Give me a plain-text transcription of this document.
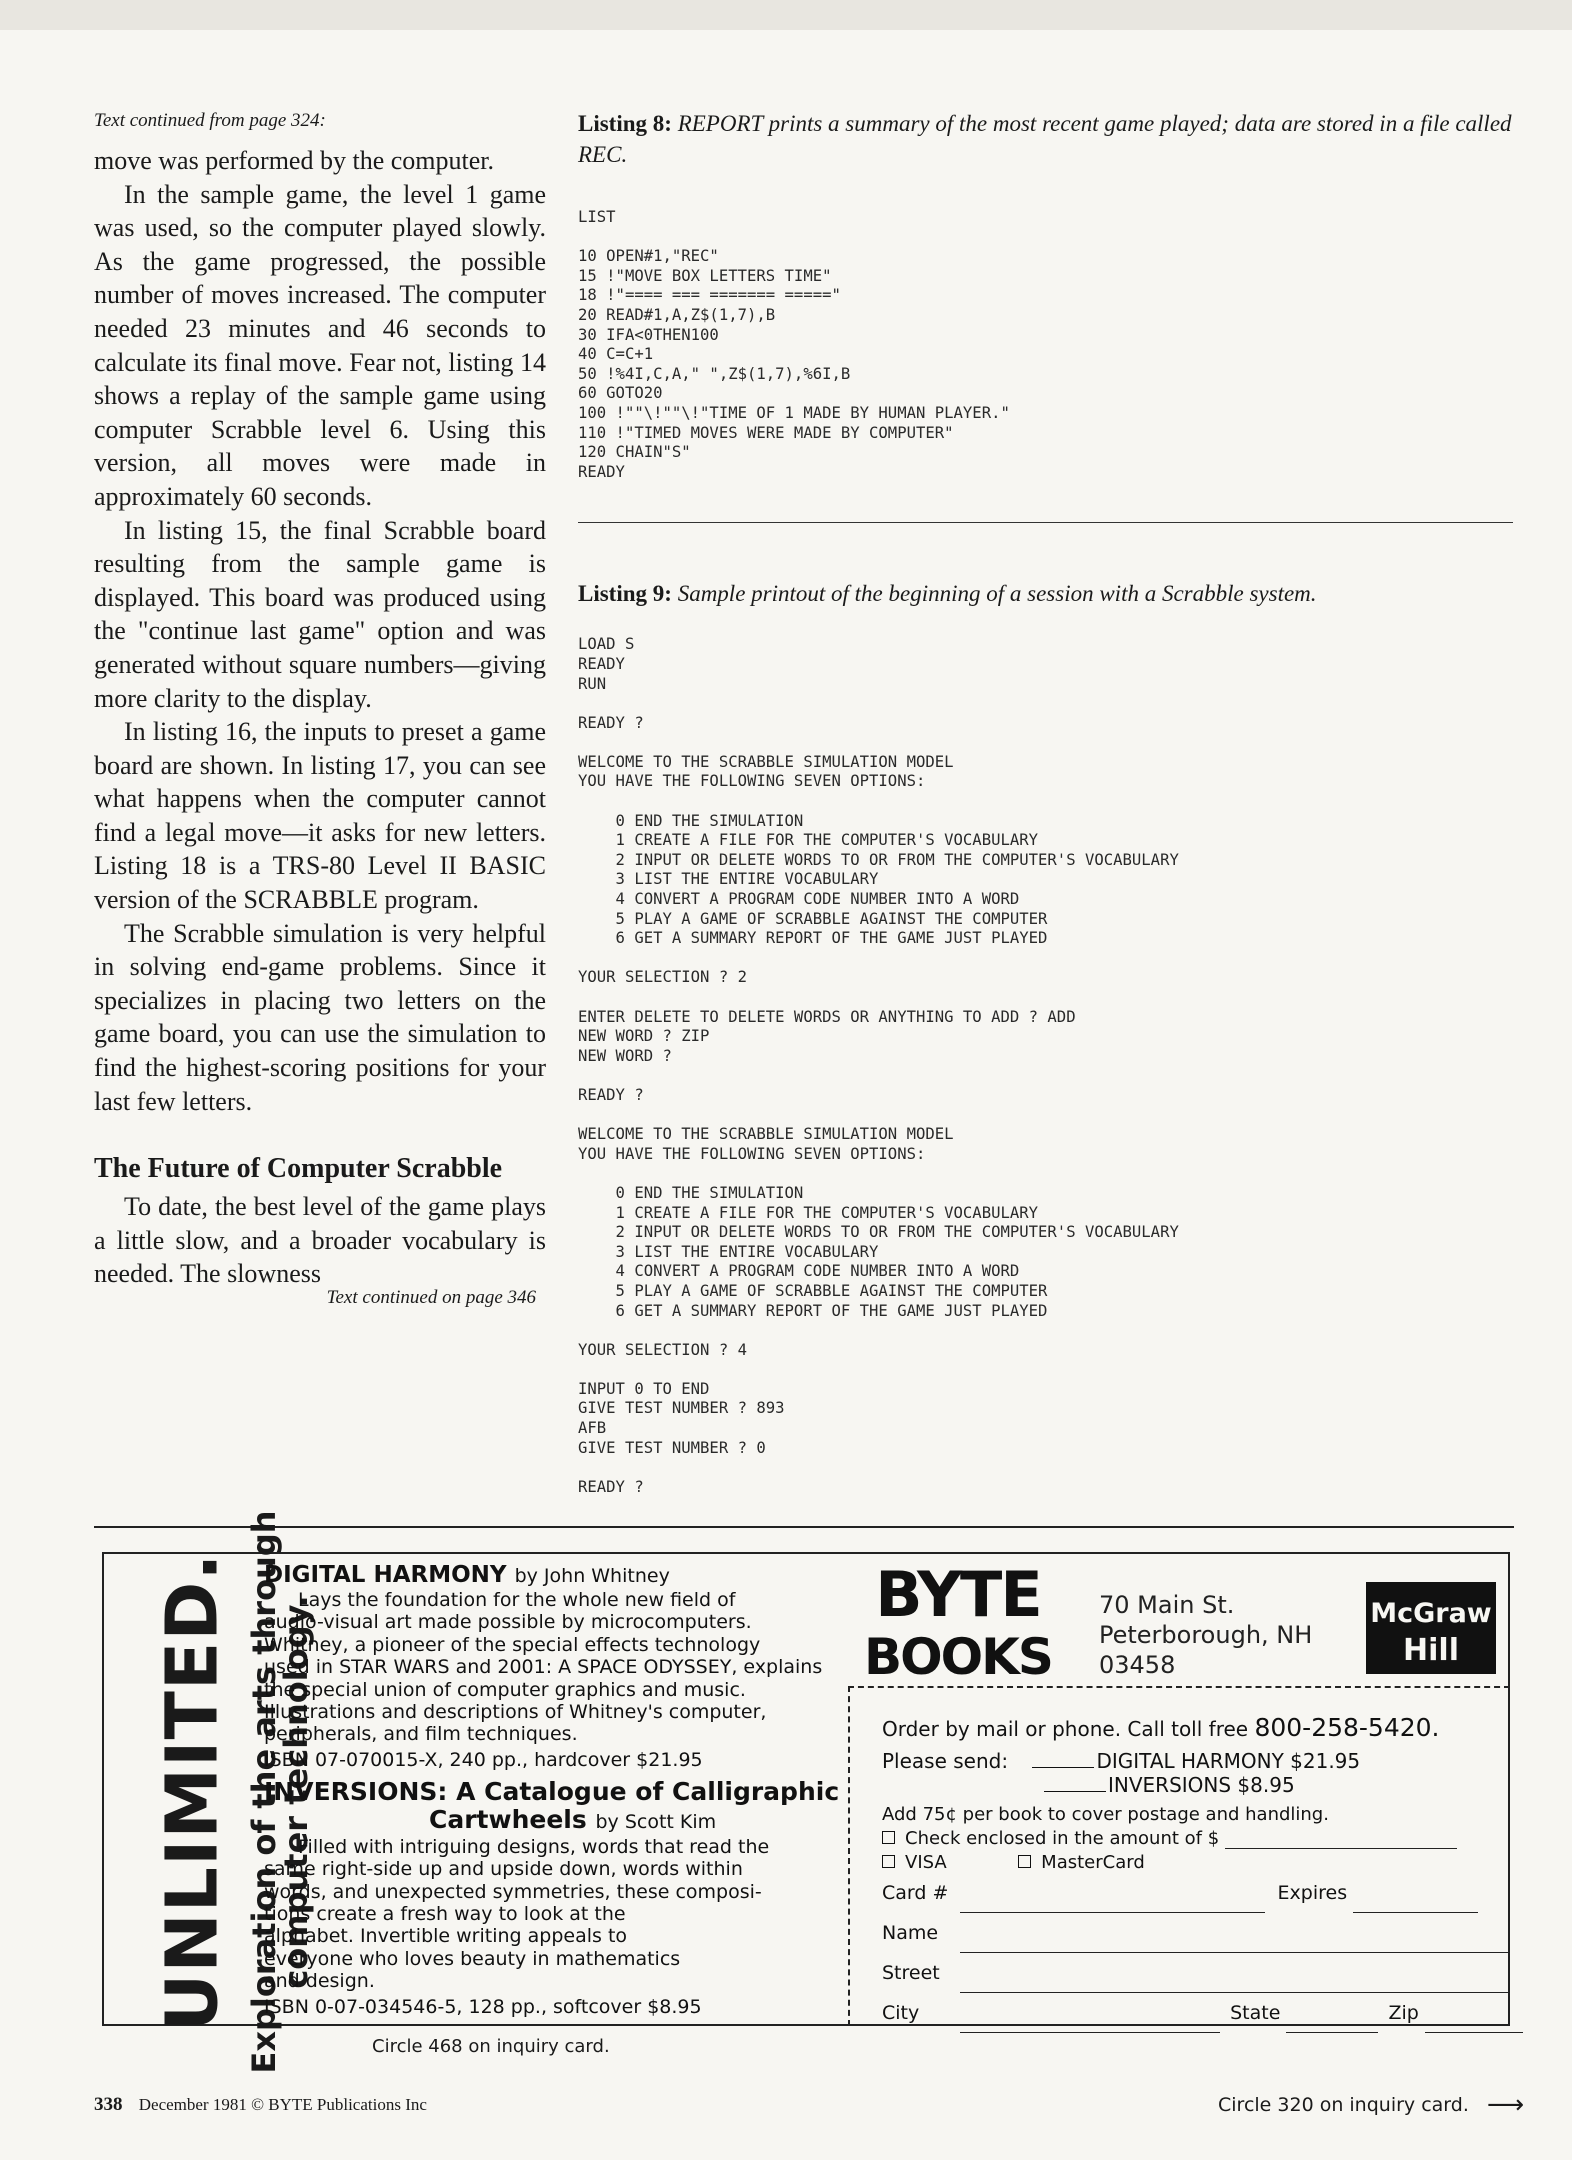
Text continued from page 324:

move was performed by the computer.

In the sample game, the level 1 game was used, so the computer played slowly. As the game progressed, the possible number of moves increased. The computer needed 23 minutes and 46 seconds to calculate its final move. Fear not, listing 14 shows a replay of the sample game using computer Scrabble level 6. Using this version, all moves were made in approximately 60 seconds.

In listing 15, the final Scrabble board resulting from the sample game is displayed. This board was produced using the "continue last game" option and was generated without square numbers—giving more clarity to the display.

In listing 16, the inputs to preset a game board are shown. In listing 17, you can see what happens when the computer cannot find a legal move—it asks for new letters. Listing 18 is a TRS-80 Level II BASIC version of the SCRABBLE program.

The Scrabble simulation is very helpful in solving end-game problems. Since it specializes in placing two letters on the game board, you can use the simulation to find the highest-scoring positions for your last few letters.

The Future of Computer Scrabble

To date, the best level of the game plays a little slow, and a broader vocabulary is needed. The slowness

Text continued on page 346

Listing 8: REPORT prints a summary of the most recent game played; data are stored in a file called REC.

LIST

10 OPEN#1,"REC"
15 !"MOVE BOX LETTERS TIME"
18 !"==== === ======= ====="
20 READ#1,A,Z$(1,7),B
30 IFA<0THEN100
40 C=C+1
50 !%4I,C,A," ",Z$(1,7),%6I,B
60 GOTO20
100 !""\!""\!"TIME OF 1 MADE BY HUMAN PLAYER."
110 !"TIMED MOVES WERE MADE BY COMPUTER"
120 CHAIN"S"
READY

Listing 9: Sample printout of the beginning of a session with a Scrabble system.

LOAD S
READY
RUN

READY ?

WELCOME TO THE SCRABBLE SIMULATION MODEL
YOU HAVE THE FOLLOWING SEVEN OPTIONS:

0 END THE SIMULATION
1 CREATE A FILE FOR THE COMPUTER'S VOCABULARY
2 INPUT OR DELETE WORDS TO OR FROM THE COMPUTER'S VOCABULARY
3 LIST THE ENTIRE VOCABULARY
4 CONVERT A PROGRAM CODE NUMBER INTO A WORD
5 PLAY A GAME OF SCRABBLE AGAINST THE COMPUTER
6 GET A SUMMARY REPORT OF THE GAME JUST PLAYED

YOUR SELECTION ? 2

ENTER DELETE TO DELETE WORDS OR ANYTHING TO ADD ? ADD
NEW WORD ? ZIP
NEW WORD ?

READY ?

WELCOME TO THE SCRABBLE SIMULATION MODEL
YOU HAVE THE FOLLOWING SEVEN OPTIONS:

0 END THE SIMULATION
1 CREATE A FILE FOR THE COMPUTER'S VOCABULARY
2 INPUT OR DELETE WORDS TO OR FROM THE COMPUTER'S VOCABULARY
3 LIST THE ENTIRE VOCABULARY
4 CONVERT A PROGRAM CODE NUMBER INTO A WORD
5 PLAY A GAME OF SCRABBLE AGAINST THE COMPUTER
6 GET A SUMMARY REPORT OF THE GAME JUST PLAYED

YOUR SELECTION ? 4

INPUT 0 TO END
GIVE TEST NUMBER ? 893
AFB
GIVE TEST NUMBER ? 0

READY ?
UNLIMITED. Exploration of the arts through
computer technology.
DIGITAL HARMONY by John Whitney
Lays the foundation for the whole new field of
audio-visual art made possible by microcomputers.
Whitney, a pioneer of the special effects technology
used in STAR WARS and 2001: A SPACE ODYSSEY, explains
the special union of computer graphics and music.
Illustrations and descriptions of Whitney's computer,
peripherals, and film techniques.
ISBN 07-070015-X, 240 pp., hardcover $21.95
INVERSIONS: A Catalogue of Calligraphic
Cartwheels by Scott Kim
Filled with intriguing designs, words that read the
same right-side up and upside down, words within
words, and unexpected symmetries, these composi-
tions create a fresh way to look at the
alphabet. Invertible writing appeals to
everyone who loves beauty in mathematics
and design.
ISBN 0-07-034546-5, 128 pp., softcover $8.95
BYTE
BOOKS
70 Main St.
Peterborough, NH
03458
McGraw
Hill
Order by mail or phone. Call toll free 800-258-5420.
Please send:	DIGITAL HARMONY $21.95
INVERSIONS $8.95
Add 75¢ per book to cover postage and handling.
Check enclosed in the amount of $
VISA	MasterCard
Card #	Expires
Name
Street
City	State	Zip
Circle 468 on inquiry card.
338 December 1981 © BYTE Publications Inc	Circle 320 on inquiry card. ⟶
